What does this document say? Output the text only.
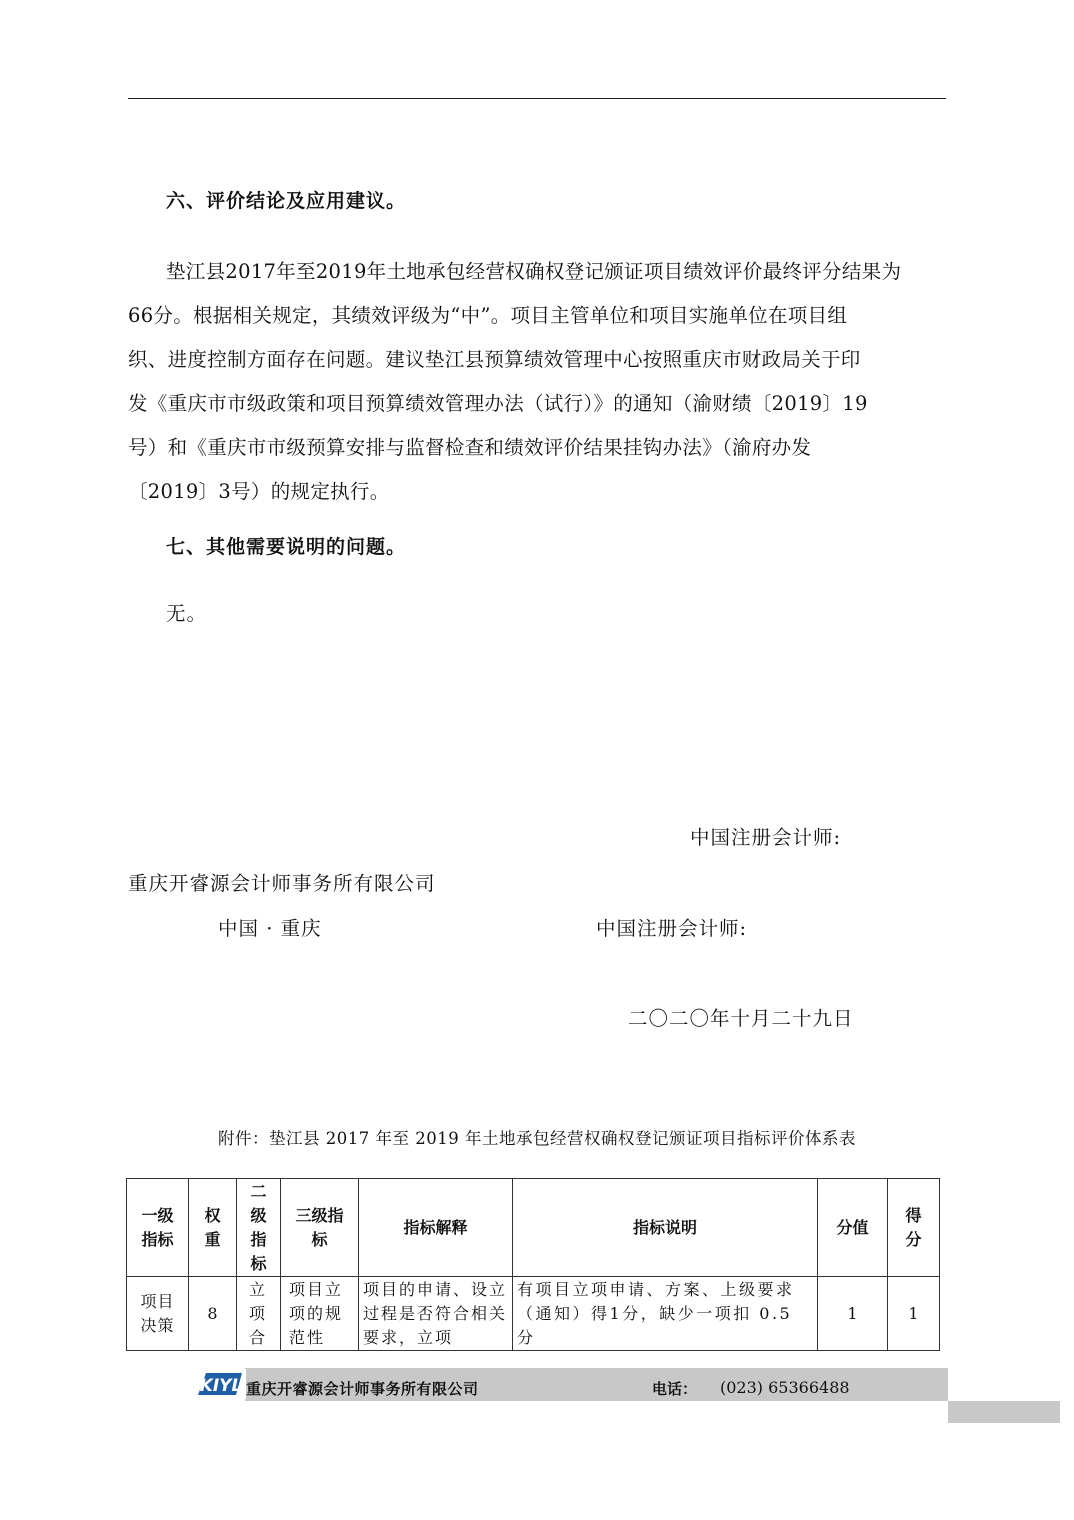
六、评价结论及应用建议。

垫江县2017年至2019年土地承包经营权确权登记颁证项目绩效评价最终评分结果为

66分。根据相关规定，其绩效评级为“中”。项目主管单位和项目实施单位在项目组

织、进度控制方面存在问题。建议垫江县预算绩效管理中心按照重庆市财政局关于印

发《重庆市市级政策和项目预算绩效管理办法（试行）》的通知（渝财绩〔2019〕19

号）和《重庆市市级预算安排与监督检查和绩效评价结果挂钩办法》（渝府办发

〔2019〕3号）的规定执行。

七、其他需要说明的问题。
无。
中国注册会计师:
重庆开睿源会计师事务所有限公司
中国 · 重庆	中国注册会计师:
二〇二〇年十月二十九日
附件：垫江县 2017 年至 2019 年土地承包经营权确权登记颁证项目指标评价体系表
一级指标	权重	二级指标	三级指标	指标解释	指标说明	分值	得分

项目决策	8	立项合	项目立项的规范性	项目的申请、设立过程是否符合相关要求，立项	有项目立项申请、方案、上级要求（通知）得1分，缺少一项扣 0.5 分	1	1
KIYL 重庆开睿源会计师事务所有限公司	电话： (023) 65366488
